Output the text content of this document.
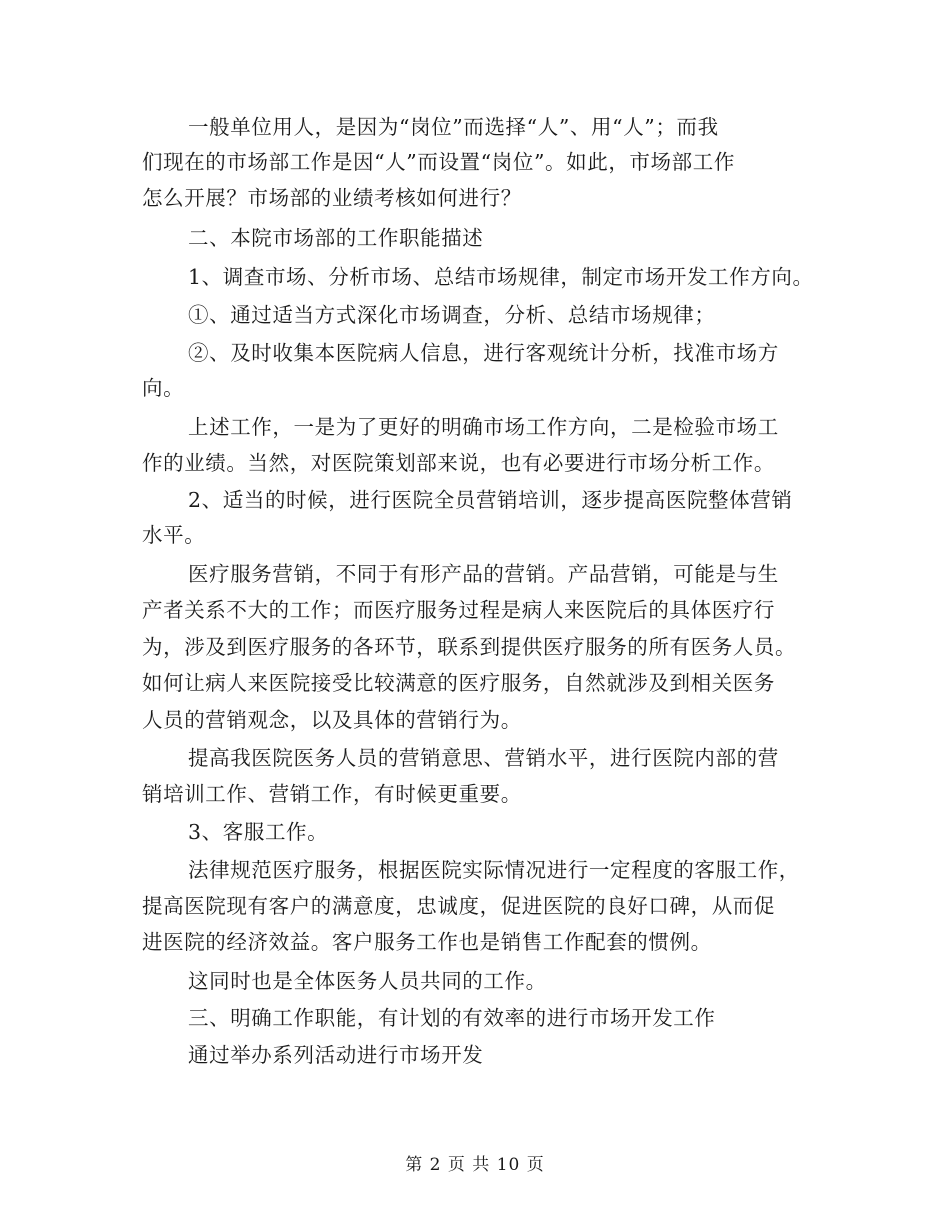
一般单位用人，是因为“岗位”而选择“人”、用“人”；而我
们现在的市场部工作是因“人”而设置“岗位”。如此，市场部工作
怎么开展？市场部的业绩考核如何进行？
二、本院市场部的工作职能描述
1、调查市场、分析市场、总结市场规律，制定市场开发工作方向。
①、通过适当方式深化市场调查，分析、总结市场规律；
②、及时收集本医院病人信息，进行客观统计分析，找准市场方
向。
上述工作，一是为了更好的明确市场工作方向，二是检验市场工
作的业绩。当然，对医院策划部来说，也有必要进行市场分析工作。
2、适当的时候，进行医院全员营销培训，逐步提高医院整体营销
水平。
医疗服务营销，不同于有形产品的营销。产品营销，可能是与生
产者关系不大的工作；而医疗服务过程是病人来医院后的具体医疗行
为，涉及到医疗服务的各环节，联系到提供医疗服务的所有医务人员。
如何让病人来医院接受比较满意的医疗服务，自然就涉及到相关医务
人员的营销观念，以及具体的营销行为。
提高我医院医务人员的营销意思、营销水平，进行医院内部的营
销培训工作、营销工作，有时候更重要。
3、客服工作。
法律规范医疗服务，根据医院实际情况进行一定程度的客服工作，
提高医院现有客户的满意度，忠诚度，促进医院的良好口碑，从而促
进医院的经济效益。客户服务工作也是销售工作配套的惯例。
这同时也是全体医务人员共同的工作。
三、明确工作职能，有计划的有效率的进行市场开发工作
通过举办系列活动进行市场开发
第 2 页 共 10 页
